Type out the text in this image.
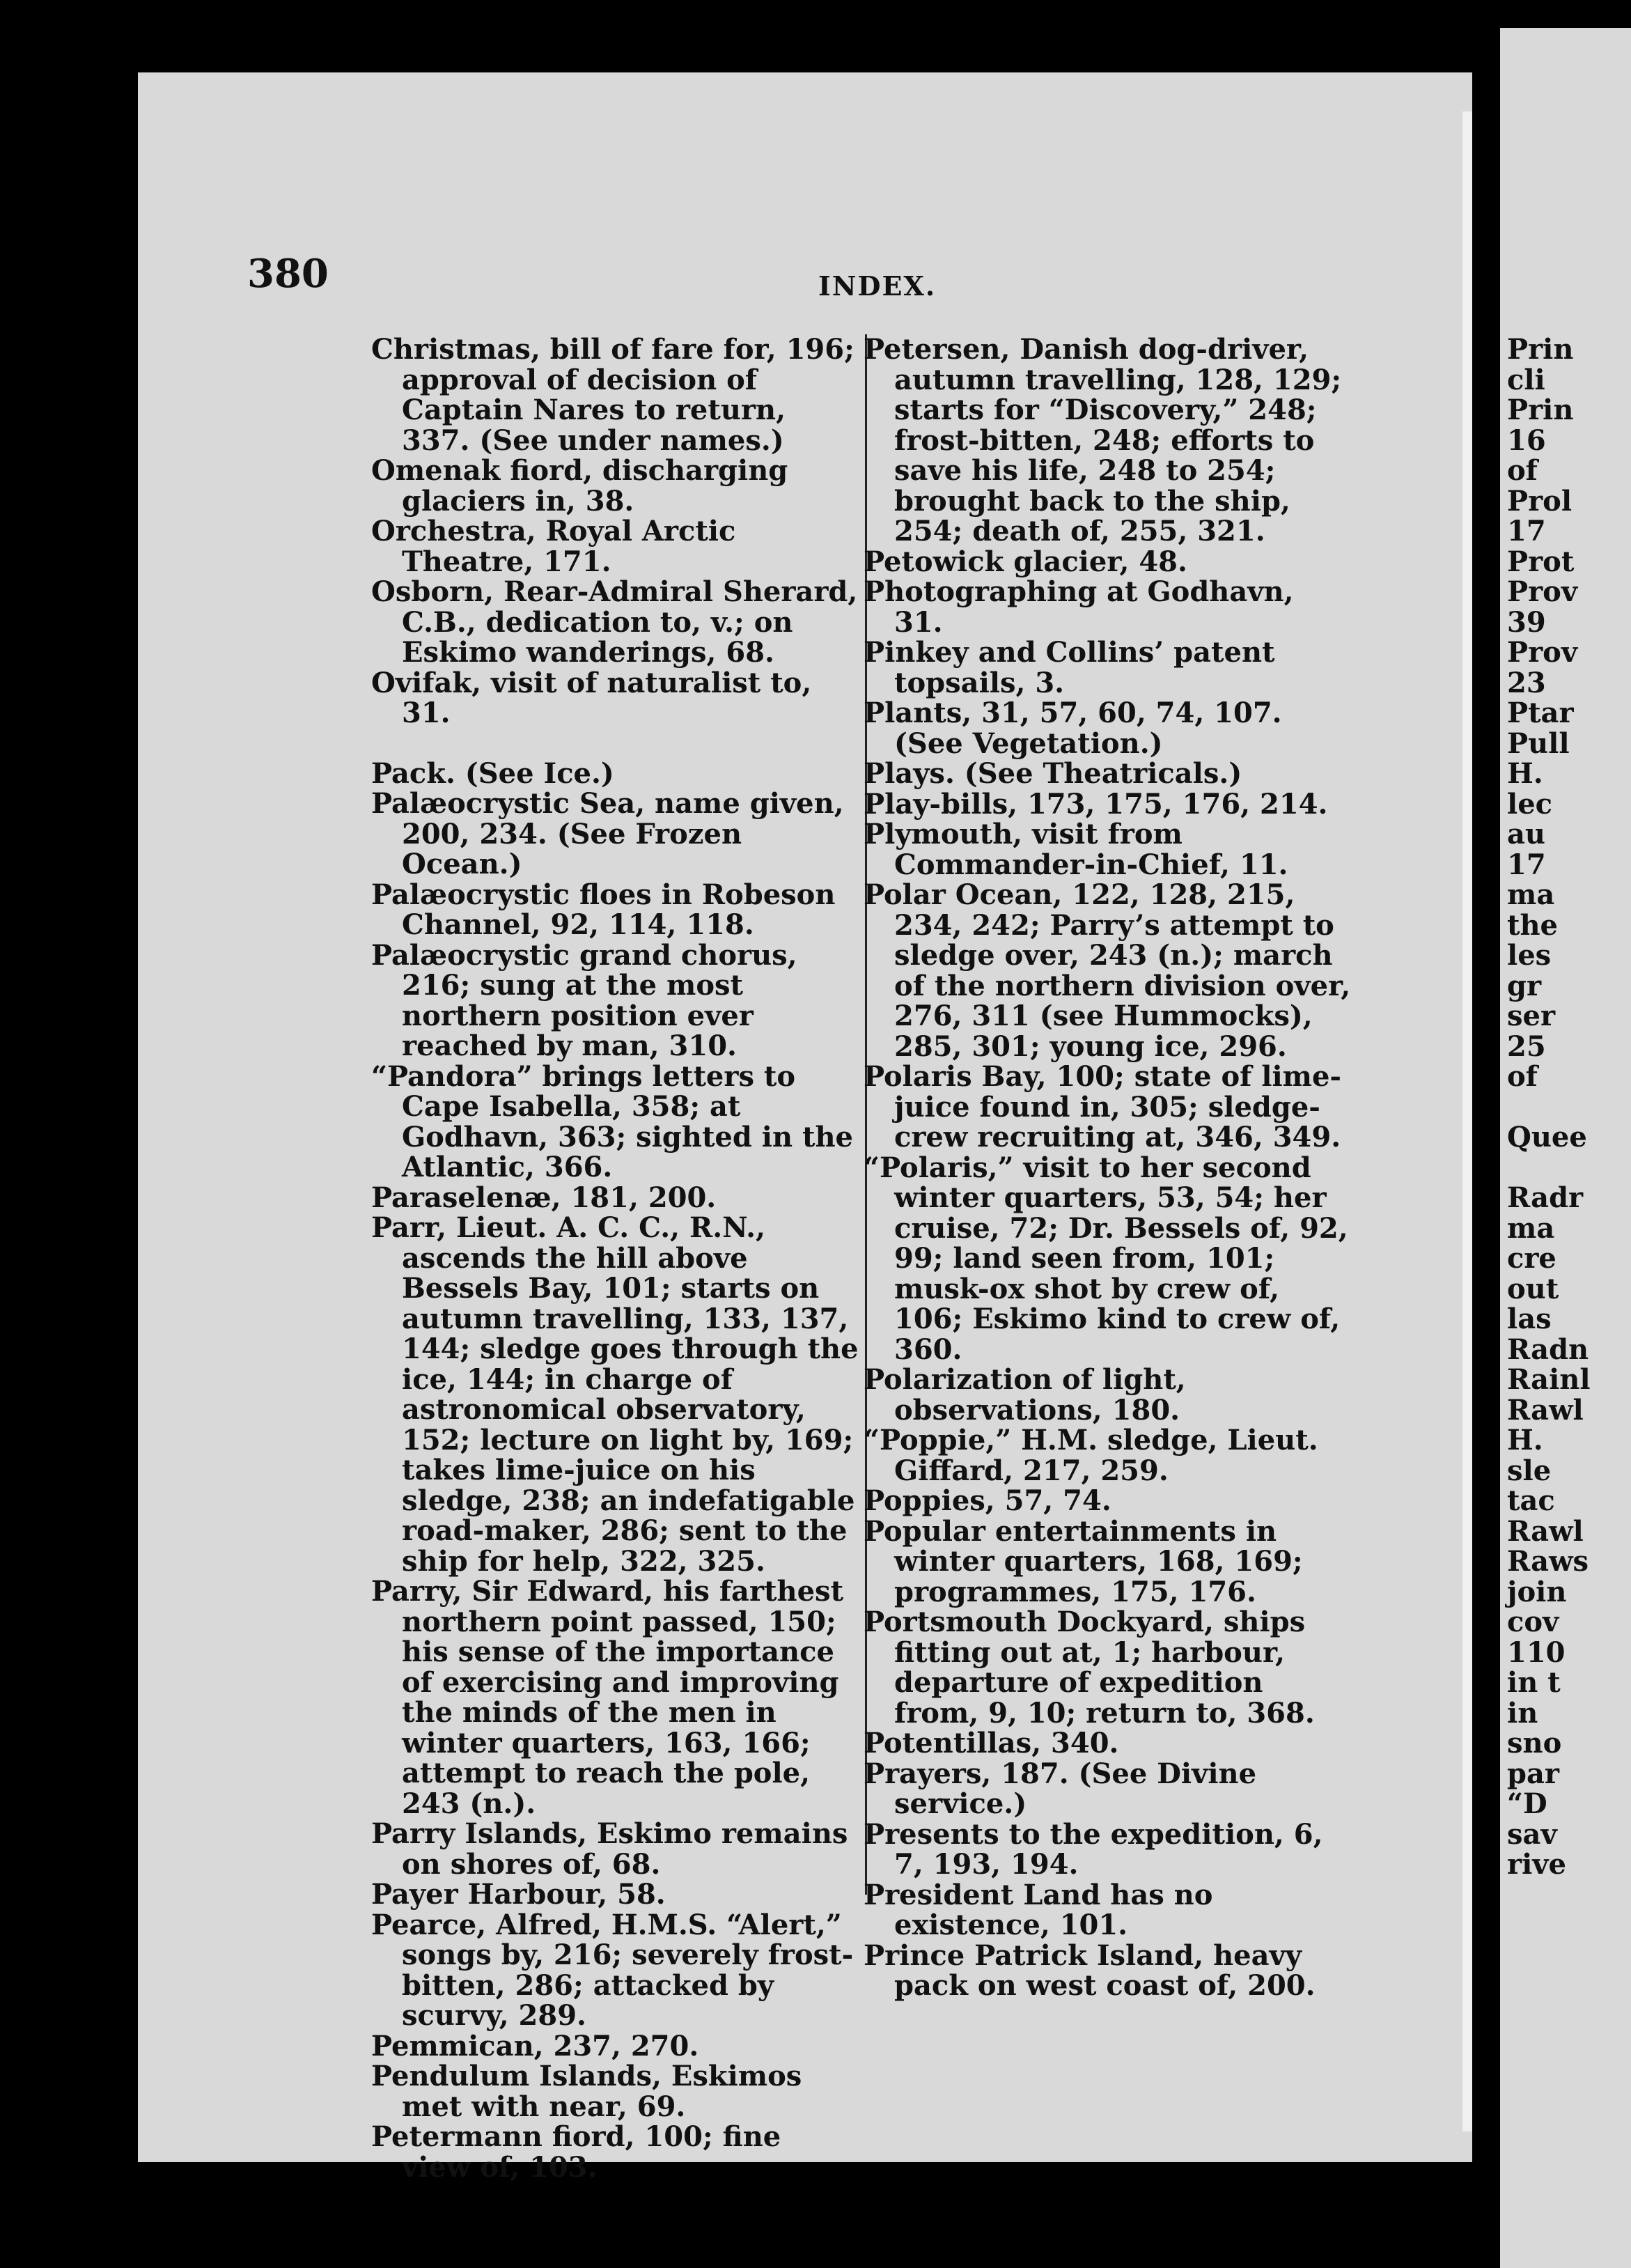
Prin
cli
Prin
16
of
Prol
17
Prot
Prov
39
Prov
23
Ptar
Pull
H.
lec
au
17
ma
the
les
gr
ser
25
of
Quee
Radr
ma
cre
out
las
Radn
Rainl
Rawl
H.
sle
tac
Rawl
Raws
join
cov
110
in t
in
sno
par
“D
sav
rive
380	INDEX.

Christmas, bill of fare for, 196; approval of decision of Captain Nares to return, 337. (See under names.)

Omenak fiord, discharging glaciers in, 38.

Orchestra, Royal Arctic Theatre, 171.

Osborn, Rear-Admiral Sherard, C.B., dedication to, v.; on Eskimo wanderings, 68.

Ovifak, visit of naturalist to, 31.

Pack. (See Ice.)

Palæocrystic Sea, name given, 200, 234. (See Frozen Ocean.)

Palæocrystic floes in Robeson Channel, 92, 114, 118.

Palæocrystic grand chorus, 216; sung at the most northern position ever reached by man, 310.

“Pandora” brings letters to Cape Isabella, 358; at Godhavn, 363; sighted in the Atlantic, 366.

Paraselenæ, 181, 200.

Parr, Lieut. A. C. C., R.N., ascends the hill above Bessels Bay, 101; starts on autumn travelling, 133, 137, 144; sledge goes through the ice, 144; in charge of astronomical observatory, 152; lecture on light by, 169; takes lime-juice on his sledge, 238; an indefatigable road-maker, 286; sent to the ship for help, 322, 325.

Parry, Sir Edward, his farthest northern point passed, 150; his sense of the importance of exercising and improving the minds of the men in winter quarters, 163, 166; attempt to reach the pole, 243 (n.).

Parry Islands, Eskimo remains on shores of, 68.

Payer Harbour, 58.

Pearce, Alfred, H.M.S. “Alert,” songs by, 216; severely frost-bitten, 286; attacked by scurvy, 289.

Pemmican, 237, 270.

Pendulum Islands, Eskimos met with near, 69.

Petermann fiord, 100; fine view of, 103.

Petersen, Danish dog-driver, autumn travelling, 128, 129; starts for “Discovery,” 248; frost-bitten, 248; efforts to save his life, 248 to 254; brought back to the ship, 254; death of, 255, 321.

Petowick glacier, 48.

Photographing at Godhavn, 31.

Pinkey and Collins’ patent topsails, 3.

Plants, 31, 57, 60, 74, 107. (See Vegetation.)

Plays. (See Theatricals.)

Play-bills, 173, 175, 176, 214.

Plymouth, visit from Commander-in-Chief, 11.

Polar Ocean, 122, 128, 215, 234, 242; Parry’s attempt to sledge over, 243 (n.); march of the northern division over, 276, 311 (see Hummocks), 285, 301; young ice, 296.

Polaris Bay, 100; state of lime-juice found in, 305; sledge-crew recruiting at, 346, 349.

“Polaris,” visit to her second winter quarters, 53, 54; her cruise, 72; Dr. Bessels of, 92, 99; land seen from, 101; musk-ox shot by crew of, 106; Eskimo kind to crew of, 360.

Polarization of light, observations, 180.

“Poppie,” H.M. sledge, Lieut. Giffard, 217, 259.

Poppies, 57, 74.

Popular entertainments in winter quarters, 168, 169; programmes, 175, 176.

Portsmouth Dockyard, ships fitting out at, 1; harbour, departure of expedition from, 9, 10; return to, 368.

Potentillas, 340.

Prayers, 187. (See Divine service.)

Presents to the expedition, 6, 7, 193, 194.

President Land has no existence, 101.

Prince Patrick Island, heavy pack on west coast of, 200.
